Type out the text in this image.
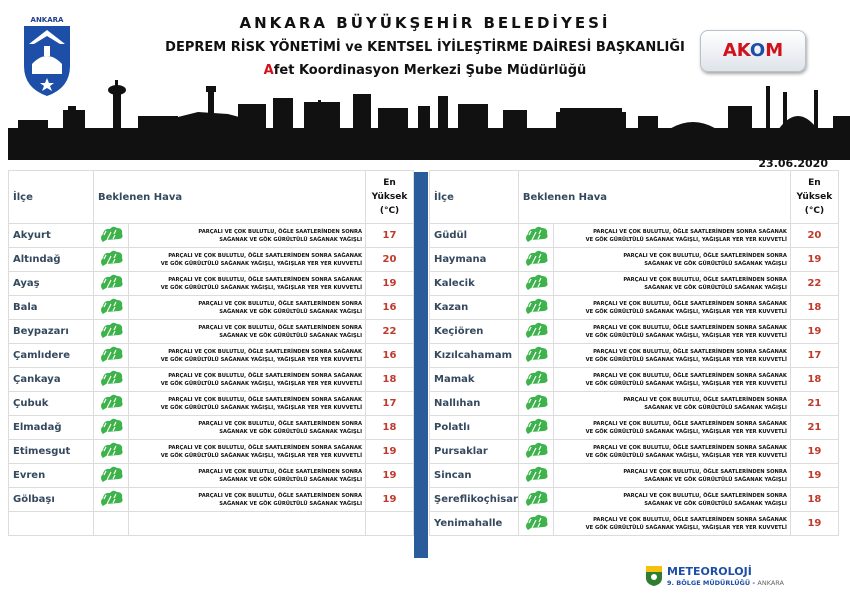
ANKARA	ANKARA BÜYÜKŞEHİR BELEDİYESİ
DEPREM RİSK YÖNETİMİ ve KENTSEL İYİLEŞTİRME DAİRESİ BAŞKANLIĞI
Afet Koordinasyon Merkezi Şube Müdürlüğü
AKOM
23.06.2020
İlçe	Beklenen Hava		En
Yüksek
(°C)
Akyurt		PARÇALI VE ÇOK BULUTLU, ÖĞLE SAATLERİNDEN SONRA
SAĞANAK VE GÖK GÜRÜLTÜLÜ SAĞANAK YAĞIŞLI	17
Altındağ		PARÇALI VE ÇOK BULUTLU, ÖĞLE SAATLERİNDEN SONRA SAĞANAK
VE GÖK GÜRÜLTÜLÜ SAĞANAK YAĞIŞLI, YAĞIŞLAR YER YER KUVVETLİ	20
Ayaş		PARÇALI VE ÇOK BULUTLU, ÖĞLE SAATLERİNDEN SONRA SAĞANAK
VE GÖK GÜRÜLTÜLÜ SAĞANAK YAĞIŞLI, YAĞIŞLAR YER YER KUVVETLİ	19
Bala		PARÇALI VE ÇOK BULUTLU, ÖĞLE SAATLERİNDEN SONRA
SAĞANAK VE GÖK GÜRÜLTÜLÜ SAĞANAK YAĞIŞLI	16
Beypazarı		PARÇALI VE ÇOK BULUTLU, ÖĞLE SAATLERİNDEN SONRA
SAĞANAK VE GÖK GÜRÜLTÜLÜ SAĞANAK YAĞIŞLI	22
Çamlıdere		PARÇALI VE ÇOK BULUTLU, ÖĞLE SAATLERİNDEN SONRA SAĞANAK
VE GÖK GÜRÜLTÜLÜ SAĞANAK YAĞIŞLI, YAĞIŞLAR YER YER KUVVETLİ	16
Çankaya		PARÇALI VE ÇOK BULUTLU, ÖĞLE SAATLERİNDEN SONRA SAĞANAK
VE GÖK GÜRÜLTÜLÜ SAĞANAK YAĞIŞLI, YAĞIŞLAR YER YER KUVVETLİ	18
Çubuk		PARÇALI VE ÇOK BULUTLU, ÖĞLE SAATLERİNDEN SONRA SAĞANAK
VE GÖK GÜRÜLTÜLÜ SAĞANAK YAĞIŞLI, YAĞIŞLAR YER YER KUVVETLİ	17
Elmadağ		PARÇALI VE ÇOK BULUTLU, ÖĞLE SAATLERİNDEN SONRA
SAĞANAK VE GÖK GÜRÜLTÜLÜ SAĞANAK YAĞIŞLI	18
Etimesgut		PARÇALI VE ÇOK BULUTLU, ÖĞLE SAATLERİNDEN SONRA SAĞANAK
VE GÖK GÜRÜLTÜLÜ SAĞANAK YAĞIŞLI, YAĞIŞLAR YER YER KUVVETLİ	19
Evren		PARÇALI VE ÇOK BULUTLU, ÖĞLE SAATLERİNDEN SONRA
SAĞANAK VE GÖK GÜRÜLTÜLÜ SAĞANAK YAĞIŞLI	19
Gölbaşı		PARÇALI VE ÇOK BULUTLU, ÖĞLE SAATLERİNDEN SONRA
SAĞANAK VE GÖK GÜRÜLTÜLÜ SAĞANAK YAĞIŞLI	19

İlçe	Beklenen Hava		En
Yüksek
(°C)
Güdül		PARÇALI VE ÇOK BULUTLU, ÖĞLE SAATLERİNDEN SONRA SAĞANAK
VE GÖK GÜRÜLTÜLÜ SAĞANAK YAĞIŞLI, YAĞIŞLAR YER YER KUVVETLİ	20
Haymana		PARÇALI VE ÇOK BULUTLU, ÖĞLE SAATLERİNDEN SONRA
SAĞANAK VE GÖK GÜRÜLTÜLÜ SAĞANAK YAĞIŞLI	19
Kalecik		PARÇALI VE ÇOK BULUTLU, ÖĞLE SAATLERİNDEN SONRA
SAĞANAK VE GÖK GÜRÜLTÜLÜ SAĞANAK YAĞIŞLI	22
Kazan		PARÇALI VE ÇOK BULUTLU, ÖĞLE SAATLERİNDEN SONRA SAĞANAK
VE GÖK GÜRÜLTÜLÜ SAĞANAK YAĞIŞLI, YAĞIŞLAR YER YER KUVVETLİ	18
Keçiören		PARÇALI VE ÇOK BULUTLU, ÖĞLE SAATLERİNDEN SONRA SAĞANAK
VE GÖK GÜRÜLTÜLÜ SAĞANAK YAĞIŞLI, YAĞIŞLAR YER YER KUVVETLİ	19
Kızılcahamam		PARÇALI VE ÇOK BULUTLU, ÖĞLE SAATLERİNDEN SONRA SAĞANAK
VE GÖK GÜRÜLTÜLÜ SAĞANAK YAĞIŞLI, YAĞIŞLAR YER YER KUVVETLİ	17
Mamak		PARÇALI VE ÇOK BULUTLU, ÖĞLE SAATLERİNDEN SONRA SAĞANAK
VE GÖK GÜRÜLTÜLÜ SAĞANAK YAĞIŞLI, YAĞIŞLAR YER YER KUVVETLİ	18
Nallıhan		PARÇALI VE ÇOK BULUTLU, ÖĞLE SAATLERİNDEN SONRA
SAĞANAK VE GÖK GÜRÜLTÜLÜ SAĞANAK YAĞIŞLI	21
Polatlı		PARÇALI VE ÇOK BULUTLU, ÖĞLE SAATLERİNDEN SONRA SAĞANAK
VE GÖK GÜRÜLTÜLÜ SAĞANAK YAĞIŞLI, YAĞIŞLAR YER YER KUVVETLİ	21
Pursaklar		PARÇALI VE ÇOK BULUTLU, ÖĞLE SAATLERİNDEN SONRA SAĞANAK
VE GÖK GÜRÜLTÜLÜ SAĞANAK YAĞIŞLI, YAĞIŞLAR YER YER KUVVETLİ	19
Sincan		PARÇALI VE ÇOK BULUTLU, ÖĞLE SAATLERİNDEN SONRA
SAĞANAK VE GÖK GÜRÜLTÜLÜ SAĞANAK YAĞIŞLI	19
Şereflikoçhisar		PARÇALI VE ÇOK BULUTLU, ÖĞLE SAATLERİNDEN SONRA
SAĞANAK VE GÖK GÜRÜLTÜLÜ SAĞANAK YAĞIŞLI	18
Yenimahalle		PARÇALI VE ÇOK BULUTLU, ÖĞLE SAATLERİNDEN SONRA SAĞANAK
VE GÖK GÜRÜLTÜLÜ SAĞANAK YAĞIŞLI, YAĞIŞLAR YER YER KUVVETLİ	19
METEOROLOJİ
9. BÖLGE MÜDÜRLÜĞÜ - ANKARA
